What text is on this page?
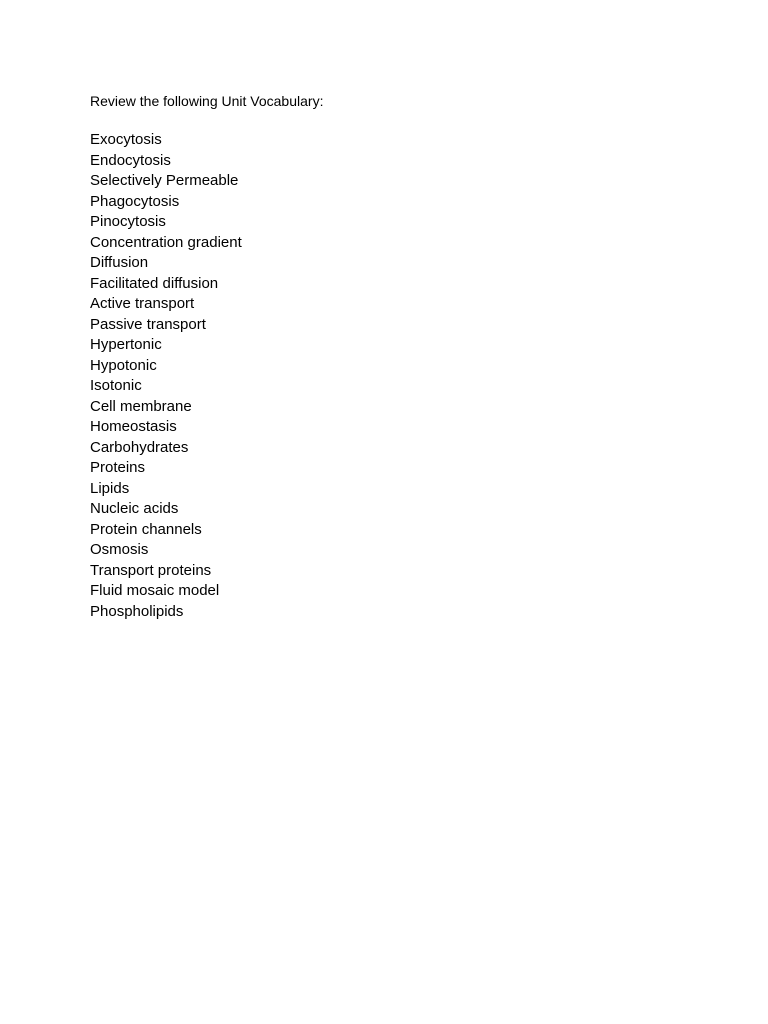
Review the following Unit Vocabulary:
Exocytosis
Endocytosis
Selectively Permeable
Phagocytosis
Pinocytosis
Concentration gradient
Diffusion
Facilitated diffusion
Active transport
Passive transport
Hypertonic
Hypotonic
Isotonic
Cell membrane
Homeostasis
Carbohydrates
Proteins
Lipids
Nucleic acids
Protein channels
Osmosis
Transport proteins
Fluid mosaic model
Phospholipids
